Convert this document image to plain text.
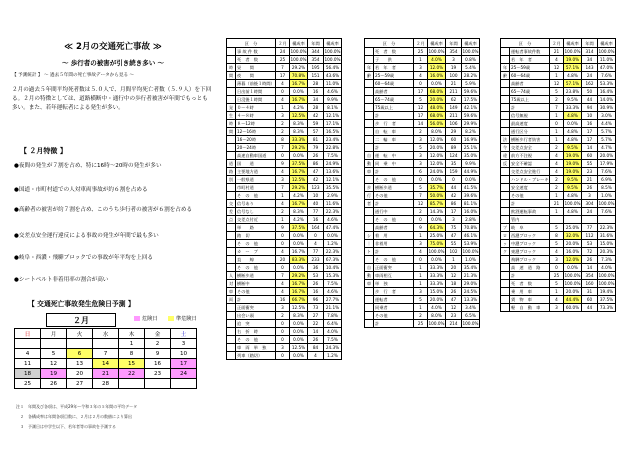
≪ 2月の交通死亡事故 ≫
～ 歩行者の被害が引き続き多い ～
【 予測統計 】 ～ 過去５年間の死亡事故データから見る ～
２月の過去５年間平均死者数は５.０人で、月間平均死亡者数（５.９人）を下回る。２月の特徴としては、道路横断中・通行中の歩行者被害が年間でもっとも多い。また、若年運転者による発生が多い。
【 ２月特徴 】
●夜間の発生が７割を占め、特に16時～20時の発生が多い
●国道・市町村道での人対車両事故が約６割を占める
●高齢者の被害が約７割を占め、このうち歩行者の被害が６割を占める
●交差点安全運行違反による事故の発生が年間で最も多い
●岐阜・西濃・飛騨ブロックでの事故が年平均を上回る
●シートベルト非着用率の割合が高い
【 交通死亡事故発生危険日予測 】
２月	危険日	準危険日
日	月	火	水	木	金	土
				1	2	3
4	5	6	7	8	9	10
11	12	13	14	15	16	17
18	19	20	21	22	23	24
25	26	27	28			
注１　年間及び各項は、平成29年～令和３年の５年間の平均データ
　２　各構成率は年間各項目数に、２月は２月の数値により算出
　３　予測日は中学生以下、若年者等の事故を予測する
区　分		２月	構成率	年間	構成率
	事 故 件 数	24	100.0%	344	100.0%
	死　者　数	25	100.0%	354	100.0%
時	昼　　間	7	29.2%	195	56.4%
間	夜　　間	17	70.8%	151	43.6%
	薄暮（前後１時間）	4	16.7%	28	11.0%
	日出前１時間	0	0.0%	16	4.6%
	日没後１時間	4	16.7%	34	9.9%
発	０～４時	1	4.2%	28	8.1%
生	４～８時	3	12.5%	42	12.1%
時	８～12時	2	8.3%	59	17.1%
間	12～16時	2	8.3%	57	16.5%
	16～20時	8	33.3%	81	23.4%
	20～24時	7	29.2%	79	22.8%
	高速自動車国道	0	0.0%	26	7.5%
道	国　　道	9	37.5%	86	24.9%
路	主要地方道	4	16.7%	47	13.6%
別	一般県道	3	12.5%	42	12.1%
	市町村道	7	29.2%	123	35.5%
	そ　の　他	1	4.2%	10	2.9%
交	信号あり	4	16.7%	40	11.6%
差	信号なし	2	8.3%	77	22.3%
点	交差点付近	1	4.2%	16	4.6%
	単　　路	9	37.5%	164	47.4%
	踏　切	0	0.0%	0	0.0%
	そ　の　他	0	0.0%	4	1.2%
	カ　ー　ブ	4	16.7%	77	22.3%
	直　　線	20	83.3%	233	67.3%
	そ　の　他	0	0.0%	36	10.4%
人	横断歩道	7	29.2%	53	15.3%
対	横断中	4	16.7%	26	7.5%
車	その他	4	16.7%	16	4.6%
両	計	16	66.7%	96	27.7%
	正面衝突	3	12.5%	73	21.1%
	出会い頭	2	8.3%	27	7.8%
	追　突	0	0.0%	22	6.4%
	右　折　時	0	0.0%	14	4.0%
	そ　の　他	0	0.0%	26	7.5%
	車　両　単　独	3	12.5%	84	24.3%
	列車（踏切）	0	0.0%	4	1.2%
区　分		２月	構成率	年間	構成率
	死　者　数	25	100.0%	354	100.0%
	子　　供	1	4.0%	3	0.8%
年	若　年　者	3	12.0%	19	5.4%
齢	25～59歳	4	16.0%	100	28.2%
	60～64歳	0	0.0%	21	5.9%
	高齢者	17	68.0%	211	59.6%
	65～74歳	5	20.0%	62	17.5%
	75歳以上	12	48.0%	149	42.1%
	計	17	68.0%	211	59.6%
	歩　行　者	14	56.0%	106	29.9%
	自　転　車	2	8.0%	29	8.2%
	二　輪　車	3	12.0%	60	16.9%
	計	5	20.0%	89	25.1%
自	運　転　中	3	12.0%	124	35.0%
動	同　乗　中	3	12.0%	35	9.9%
車	計	6	24.0%	159	44.9%
	そ　の　他	0	0.0%	0	0.0%
歩	横断歩道	5	35.7%	44	41.5%
行	その他	7	50.0%	42	39.6%
者	計	12	85.7%	86	81.1%
	通行中	2	14.3%	17	16.0%
	そ　の　他	0	0.0%	3	2.8%
	高齢者	9	64.3%	75	70.8%
シ	着　用	1	25.0%	47	46.1%
｜	非着用	3	75.0%	55	53.9%
ト	計	4	100.0%	102	100.0%
	そ　の　他	0	0.0%	1	1.0%
自	正面衝突	1	33.3%	20	35.4%
動	車両相互	1	33.3%	12	21.3%
車	単　独	1	33.3%	18	29.0%
	歩　行　者	3	15.0%	26	24.5%
	運転者	5	20.0%	47	13.3%
	同乗者	1	4.0%	12	3.4%
	その他	2	8.0%	23	6.5%
	計	25	100.0%	214	100.0%
区　分		２月	構成率	年間	構成率
	運転者事故件数	21	100.0%	314	100.0%
	若　年　者	4	19.0%	34	11.0%
年	25～59歳	12	57.1%	143	47.0%
齢	60～64歳	1	4.8%	24	7.6%
	高齢者	12	57.1%	162	53.3%
	65～74歳	5	23.8%	50	16.4%
	75歳以上	2	9.5%	44	14.0%
	計	7	33.3%	94	30.9%
	信号無視	1	4.8%	10	3.0%
	最高速度	0	0.0%	16	4.4%
	通行区分	1	4.8%	17	5.7%
法	横断歩行者妨害	1	4.8%	17	5.7%
令	交差点安全	2	9.5%	14	4.7%
違	前方不注視	4	19.0%	60	20.0%
反	安全不確認	4	19.0%	55	17.9%
	交差点安全進行	4	19.0%	23	7.6%
	ハンドル・ブレーキ	2	9.5%	21	6.9%
	安全速度	2	9.5%	26	8.5%
	その他	1	4.8%	3	1.0%
	計	21	100.0%	304	100.0%
	飲酒運転事故	1	4.8%	24	7.6%
	管内				
ブ	岐　阜	5	25.0%	77	22.3%
ロ	西濃ブロック	8	32.0%	112	31.6%
ッ	中濃ブロック	5	20.0%	53	15.0%
ク	東濃ブロック	4	16.0%	72	20.3%
	飛騨ブロック	3	12.0%	26	7.3%
	高　速　道　路	0	0.0%	14	4.0%
	計	25	100.0%	354	100.0%
	死　者　数	5	100.0%	160	100.0%
	乗　用　車	1	20.0%	31	19.4%
	貨　物　車	4	44.4%	60	37.5%
	軽　自　動　車	3	60.0%	44	73.3%
